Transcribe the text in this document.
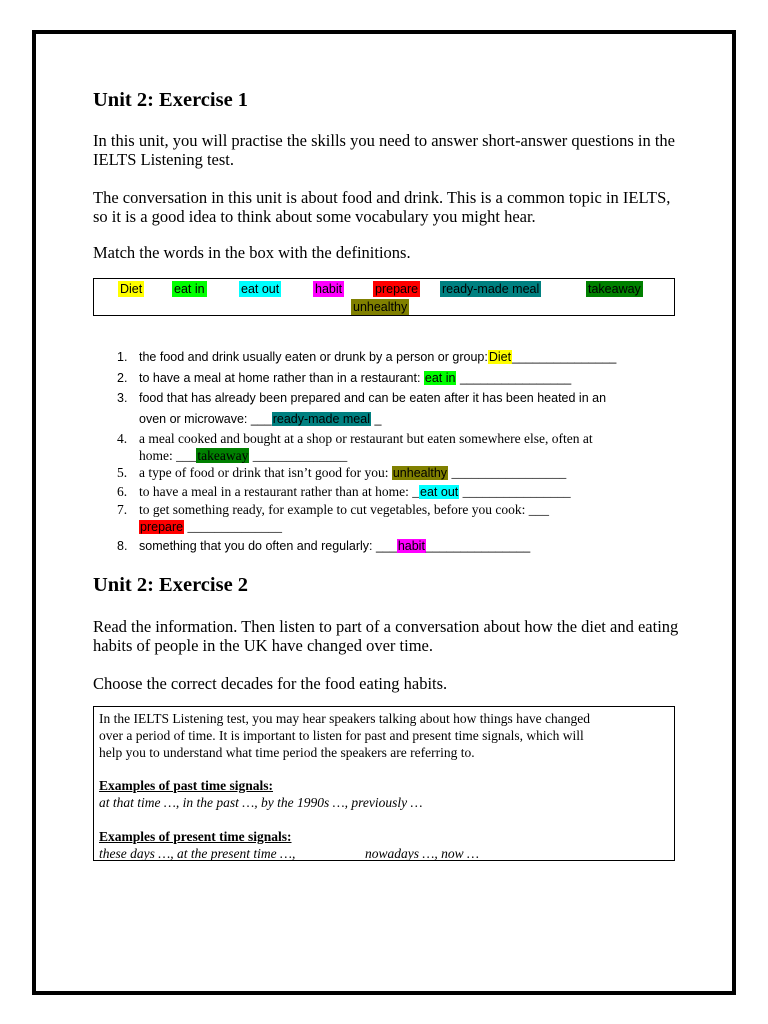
Unit 2: Exercise 1
In this unit, you will practise the skills you need to answer short-answer questions in the IELTS Listening test.
The conversation in this unit is about food and drink. This is a common topic in IELTS, so it is a good idea to think about some vocabulary you might hear.
Match the words in the box with the definitions.
Diet	eat in	eat out	habit	prepare ready-made meal	takeaway
unhealthy
1. the food and drink usually eaten or drunk by a person or group:Diet_______________
2. to have a meal at home rather than in a restaurant: eat in ________________
3. food that has already been prepared and can be eaten after it has been heated in an
oven or microwave: ___ready-made meal _
4. a meal cooked and bought at a shop or restaurant but eaten somewhere else, often at
home: ___takeaway ______________
5. a type of food or drink that isn’t good for you: unhealthy _________________
6. to have a meal in a restaurant rather than at home: _eat out ________________
7. to get something ready, for example to cut vegetables, before you cook: ___
prepare ______________
8. something that you do often and regularly: ___habit_______________
Unit 2: Exercise 2
Read the information. Then listen to part of a conversation about how the diet and eating habits of people in the UK have changed over time.
Choose the correct decades for the food eating habits.
In the IELTS Listening test, you may hear speakers talking about how things have changed
over a period of time. It is important to listen for past and present time signals, which will
help you to understand what time period the speakers are referring to.
Examples of past time signals:
at that time …, in the past …, by the 1990s …, previously …
Examples of present time signals:
these days …, at the present time …,	nowadays …, now …
